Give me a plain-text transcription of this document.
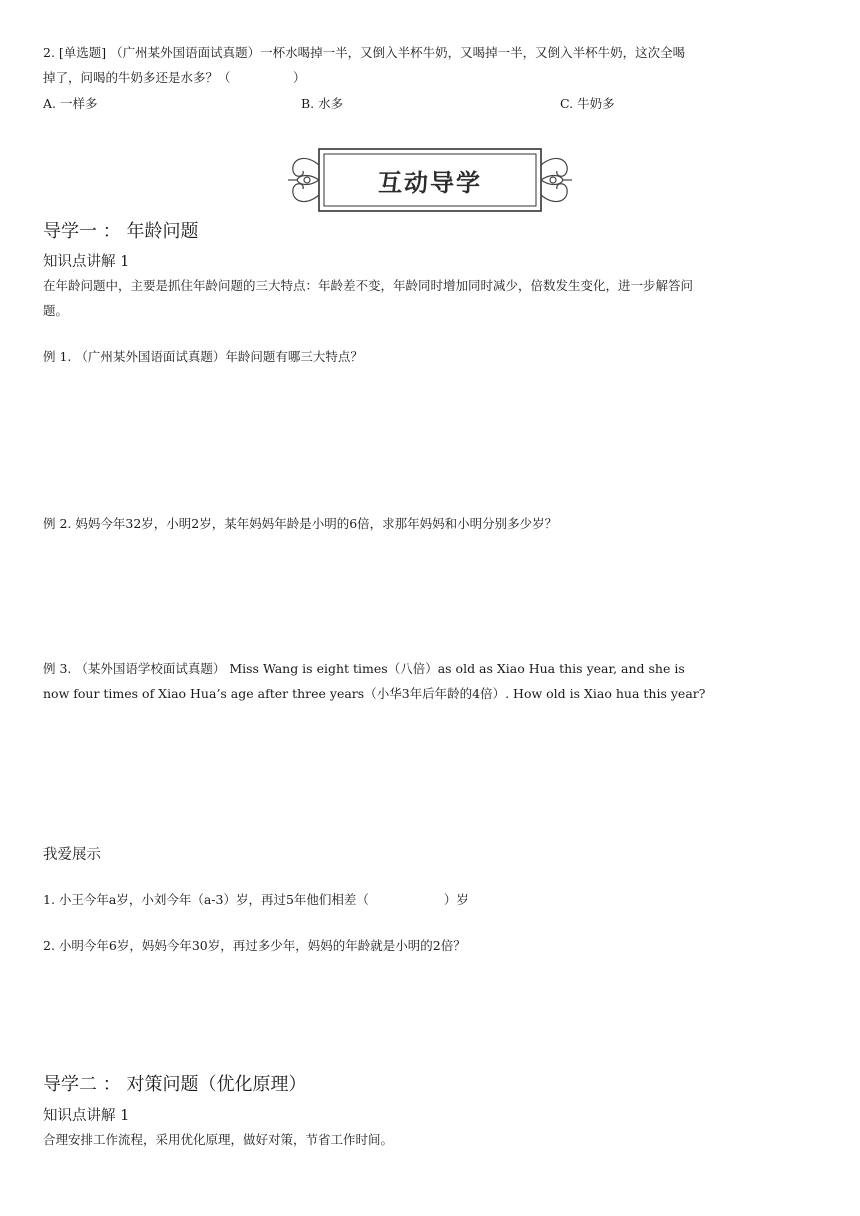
2. [单选题] （广州某外国语面试真题）一杯水喝掉一半，又倒入半杯牛奶，又喝掉一半，又倒入半杯牛奶，这次全喝
掉了，问喝的牛奶多还是水多？（　　　　　）
A. 一样多	B. 水多	C. 牛奶多
互动导学
导学一 ： 年龄问题
知识点讲解 1
在年龄问题中，主要是抓住年龄问题的三大特点：年龄差不变，年龄同时增加同时减少，倍数发生变化，进一步解答问
题。
例 1. （广州某外国语面试真题）年龄问题有哪三大特点？
例 2. 妈妈今年32岁，小明2岁，某年妈妈年龄是小明的6倍，求那年妈妈和小明分别多少岁？
例 3. （某外国语学校面试真题） Miss Wang is eight times（八倍）as old as Xiao Hua this year, and she is
now four times of Xiao Hua’s age after three years（小华3年后年龄的4倍）. How old is Xiao hua this year?
我爱展示
1. 小王今年a岁，小刘今年（a-3）岁，再过5年他们相差（　　　　　　）岁
2. 小明今年6岁，妈妈今年30岁，再过多少年，妈妈的年龄就是小明的2倍？
导学二 ： 对策问题（优化原理）
知识点讲解 1
合理安排工作流程，采用优化原理，做好对策，节省工作时间。
